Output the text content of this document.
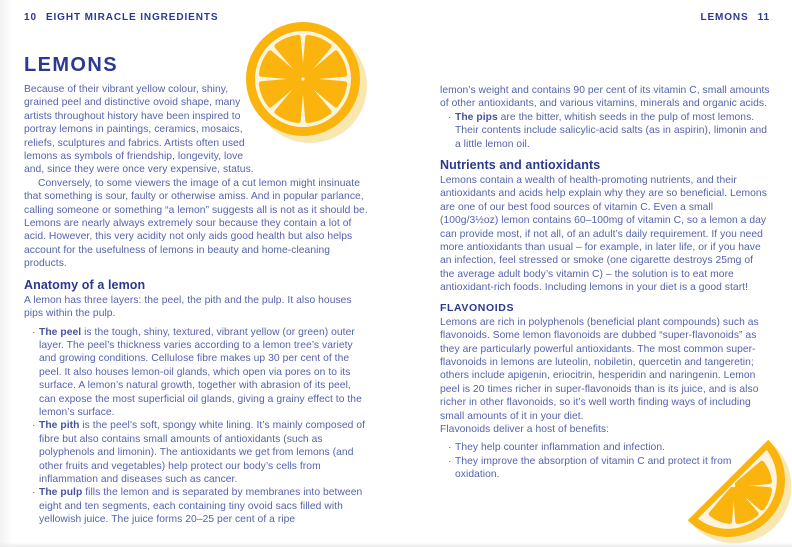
10 EIGHT MIRACLE INGREDIENTS
LEMONS

Because of their vibrant yellow colour, shiny, grained peel and distinctive ovoid shape, many artists throughout history have been inspired to portray lemons in paintings, ceramics, mosaics, reliefs, sculptures and fabrics. Artists often used lemons as symbols of friendship, longevity, love and, since they were once very expensive, status.

Conversely, to some viewers the image of a cut lemon might insinuate that something is sour, faulty or otherwise amiss. And in popular parlance, calling someone or something “a lemon” suggests all is not as it should be. Lemons are nearly always extremely sour because they contain a lot of acid. However, this very acidity not only aids good health but also helps account for the usefulness of lemons in beauty and home-cleaning products.

Anatomy of a lemon

A lemon has three layers: the peel, the pith and the pulp. It also houses pips within the pulp.

· The peel is the tough, shiny, textured, vibrant yellow (or green) outer layer. The peel’s thickness varies according to a lemon tree’s variety and growing conditions. Cellulose fibre makes up 30 per cent of the peel. It also houses lemon-oil glands, which open via pores on to its surface. A lemon’s natural growth, together with abrasion of its peel, can expose the most superficial oil glands, giving a grainy effect to the lemon’s surface.
· The pith is the peel’s soft, spongy white lining. It’s mainly composed of fibre but also contains small amounts of antioxidants (such as polyphenols and limonin). The antioxidants we get from lemons (and other fruits and vegetables) help protect our body’s cells from inflammation and diseases such as cancer.
· The pulp fills the lemon and is separated by membranes into between eight and ten segments, each containing tiny ovoid sacs filled with yellowish juice. The juice forms 20–25 per cent of a ripe
LEMONS 11

lemon’s weight and contains 90 per cent of its vitamin C, small amounts of other antioxidants, and various vitamins, minerals and organic acids.

· The pips are the bitter, whitish seeds in the pulp of most lemons. Their contents include salicylic-acid salts (as in aspirin), limonin and a little lemon oil.
Nutrients and antioxidants

Lemons contain a wealth of health-promoting nutrients, and their antioxidants and acids help explain why they are so beneficial. Lemons are one of our best food sources of vitamin C. Even a small (100g/3½oz) lemon contains 60–100mg of vitamin C, so a lemon a day can provide most, if not all, of an adult’s daily requirement. If you need more antioxidants than usual – for example, in later life, or if you have an infection, feel stressed or smoke (one cigarette destroys 25mg of the average adult body’s vitamin C) – the solution is to eat more antioxidant-rich foods. Including lemons in your diet is a good start!

FLAVONOIDS

Lemons are rich in polyphenols (beneficial plant compounds) such as flavonoids. Some lemon flavonoids are dubbed “super-flavonoids” as they are particularly powerful antioxidants. The most common super-flavonoids in lemons are luteolin, nobiletin, quercetin and tangeretin; others include apigenin, eriocitrin, hesperidin and naringenin. Lemon peel is 20 times richer in super-flavonoids than is its juice, and is also richer in other flavonoids, so it’s well worth finding ways of including small amounts of it in your diet.

Flavonoids deliver a host of benefits:

· They help counter inflammation and infection.
· They improve the absorption of vitamin C and protect it from oxidation.
